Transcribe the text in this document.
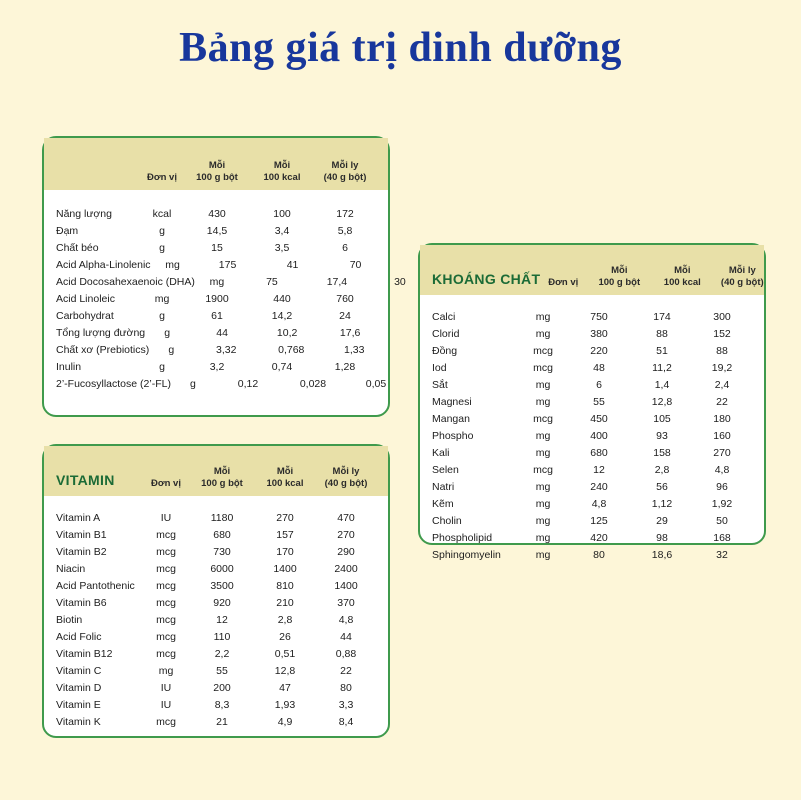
Bảng giá trị dinh dưỡng
Đơn vị
Mỗi
100 g bột
Mỗi
100 kcal
Mỗi ly
(40 g bột)
Năng lượng	kcal	430	100	172
Đạm	g	14,5	3,4	5,8
Chất béo	g	15	3,5	6
Acid Alpha-Linolenic	mg	175	41	70
Acid Docosahexaenoic (DHA)	mg	75	17,4	30
Acid Linoleic	mg	1900	440	760
Carbohydrat	g	61	14,2	24
Tổng lượng đường	g	44	10,2	17,6
Chất xơ (Prebiotics)	g	3,32	0,768	1,33
Inulin	g	3,2	0,74	1,28
2’-Fucosyllactose (2’-FL)	g	0,12	0,028	0,05
VITAMIN	Đơn vị
Mỗi
100 g bột
Mỗi
100 kcal
Mỗi ly
(40 g bột)
Vitamin A	IU	1180	270	470
Vitamin B1	mcg	680	157	270
Vitamin B2	mcg	730	170	290
Niacin	mcg	6000	1400	2400
Acid Pantothenic	mcg	3500	810	1400
Vitamin B6	mcg	920	210	370
Biotin	mcg	12	2,8	4,8
Acid Folic	mcg	110	26	44
Vitamin B12	mcg	2,2	0,51	0,88
Vitamin C	mg	55	12,8	22
Vitamin D	IU	200	47	80
Vitamin E	IU	8,3	1,93	3,3
Vitamin K	mcg	21	4,9	8,4
KHOÁNG CHẤT Đơn vị
Mỗi
100 g bột
Mỗi
100 kcal
Mỗi ly
(40 g bột)
Calci	mg	750	174	300
Clorid	mg	380	88	152
Đồng	mcg	220	51	88
Iod	mcg	48	11,2	19,2
Sắt	mg	6	1,4	2,4
Magnesi	mg	55	12,8	22
Mangan	mcg	450	105	180
Phospho	mg	400	93	160
Kali	mg	680	158	270
Selen	mcg	12	2,8	4,8
Natri	mg	240	56	96
Kẽm	mg	4,8	1,12	1,92
Cholin	mg	125	29	50
Phospholipid	mg	420	98	168
Sphingomyelin	mg	80	18,6	32
